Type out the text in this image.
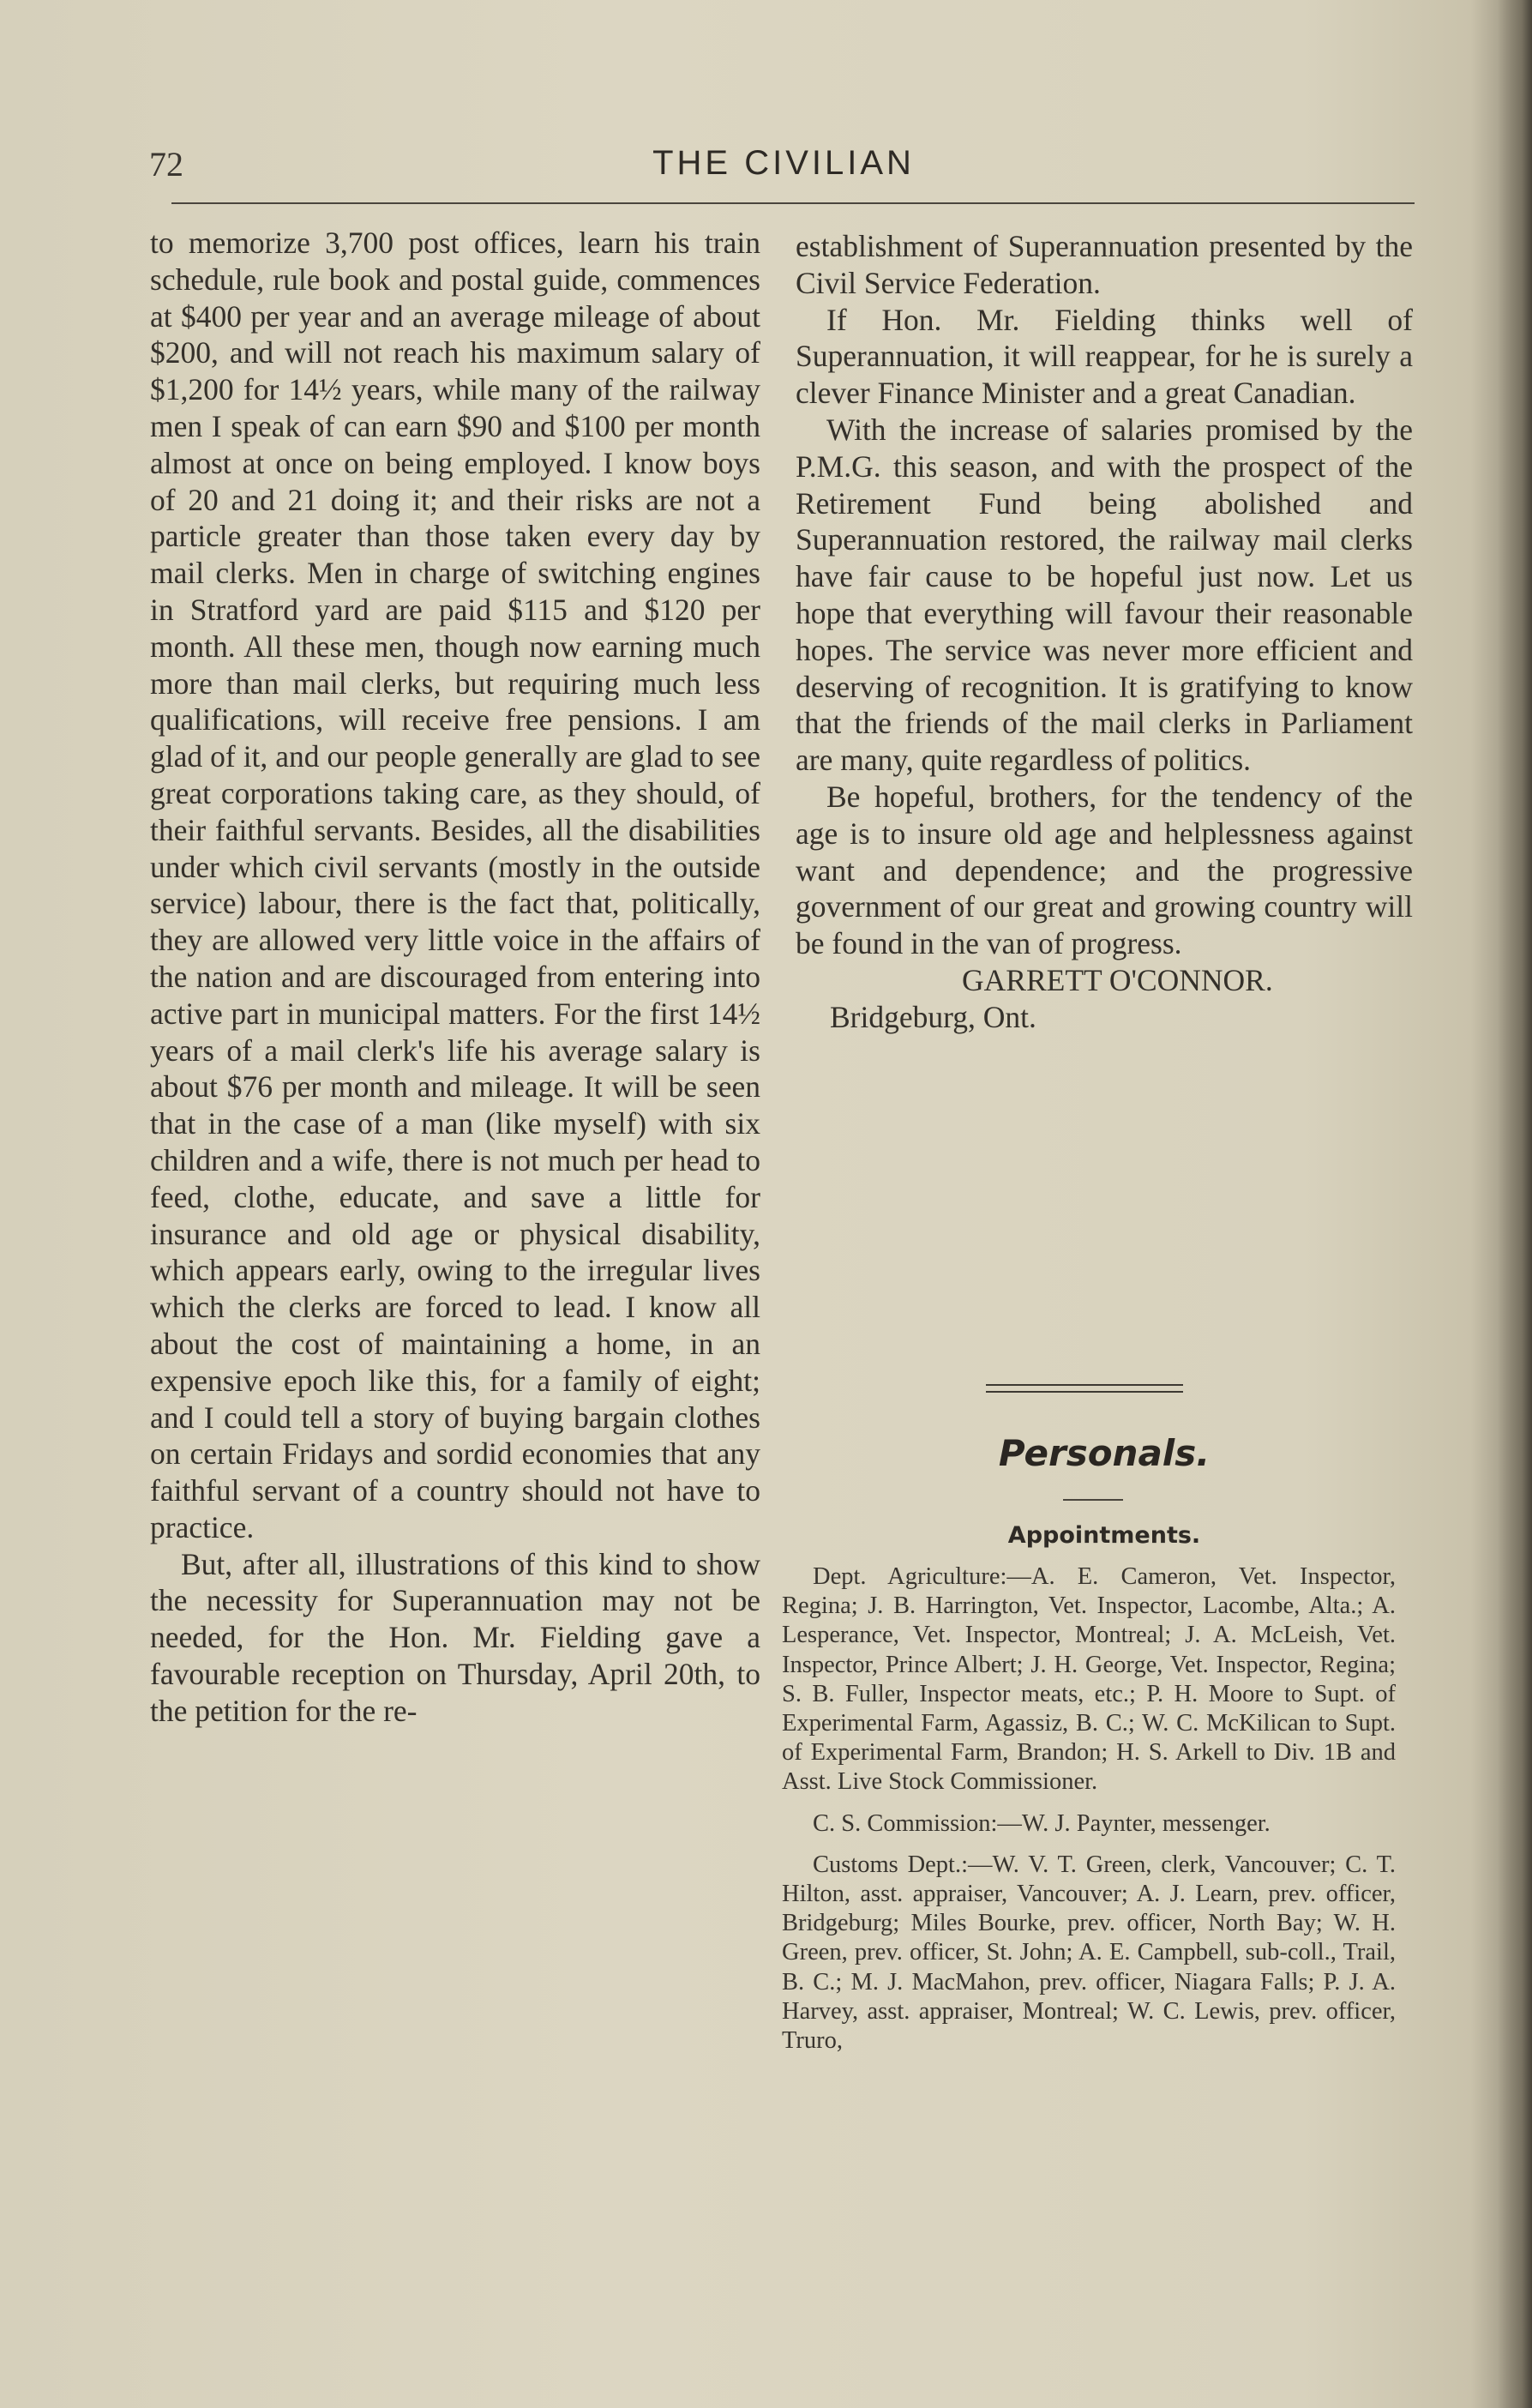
72	THE CIVILIAN

to memorize 3,700 post offices, learn his train schedule, rule book and postal guide, commences at $400 per year and an average mileage of about $200, and will not reach his maximum salary of $1,200 for 14½ years, while many of the railway men I speak of can earn $90 and $100 per month almost at once on being employed. I know boys of 20 and 21 doing it; and their risks are not a particle greater than those taken every day by mail clerks. Men in charge of switching engines in Stratford yard are paid $115 and $120 per month. All these men, though now earning much more than mail clerks, but requiring much less qualifications, will receive free pensions. I am glad of it, and our people generally are glad to see great corporations taking care, as they should, of their faithful servants. Besides, all the disabilities under which civil servants (mostly in the outside service) labour, there is the fact that, politically, they are allowed very little voice in the affairs of the nation and are discouraged from entering into active part in municipal matters. For the first 14½ years of a mail clerk's life his average salary is about $76 per month and mileage. It will be seen that in the case of a man (like myself) with six children and a wife, there is not much per head to feed, clothe, educate, and save a little for insurance and old age or physical disability, which appears early, owing to the irregular lives which the clerks are forced to lead. I know all about the cost of maintaining a home, in an expensive epoch like this, for a family of eight; and I could tell a story of buying bargain clothes on certain Fridays and sordid economies that any faithful servant of a country should not have to practice.

But, after all, illustrations of this kind to show the necessity for Superannuation may not be needed, for the Hon. Mr. Fielding gave a favourable reception on Thursday, April 20th, to the petition for the re-

establishment of Superannuation presented by the Civil Service Federation.

If Hon. Mr. Fielding thinks well of Superannuation, it will reappear, for he is surely a clever Finance Minister and a great Canadian.

With the increase of salaries promised by the P.M.G. this season, and with the prospect of the Retirement Fund being abolished and Superannuation restored, the railway mail clerks have fair cause to be hopeful just now. Let us hope that everything will favour their reasonable hopes. The service was never more efficient and deserving of recognition. It is gratifying to know that the friends of the mail clerks in Parliament are many, quite regardless of politics.

Be hopeful, brothers, for the tendency of the age is to insure old age and helplessness against want and dependence; and the progressive government of our great and growing country will be found in the van of progress.

GARRETT O'CONNOR.

Bridgeburg, Ont.

Personals.
Appointments.

Dept. Agriculture:—A. E. Cameron, Vet. Inspector, Regina; J. B. Harrington, Vet. Inspector, Lacombe, Alta.; A. Lesperance, Vet. Inspector, Montreal; J. A. McLeish, Vet. Inspector, Prince Albert; J. H. George, Vet. Inspector, Regina; S. B. Fuller, Inspector meats, etc.; P. H. Moore to Supt. of Experimental Farm, Agassiz, B. C.; W. C. McKilican to Supt. of Experimental Farm, Brandon; H. S. Arkell to Div. 1B and Asst. Live Stock Commissioner.

C. S. Commission:—W. J. Paynter, messenger.

Customs Dept.:—W. V. T. Green, clerk, Vancouver; C. T. Hilton, asst. appraiser, Vancouver; A. J. Learn, prev. officer, Bridgeburg; Miles Bourke, prev. officer, North Bay; W. H. Green, prev. officer, St. John; A. E. Campbell, sub-coll., Trail, B. C.; M. J. MacMahon, prev. officer, Niagara Falls; P. J. A. Harvey, asst. appraiser, Montreal; W. C. Lewis, prev. officer, Truro,
